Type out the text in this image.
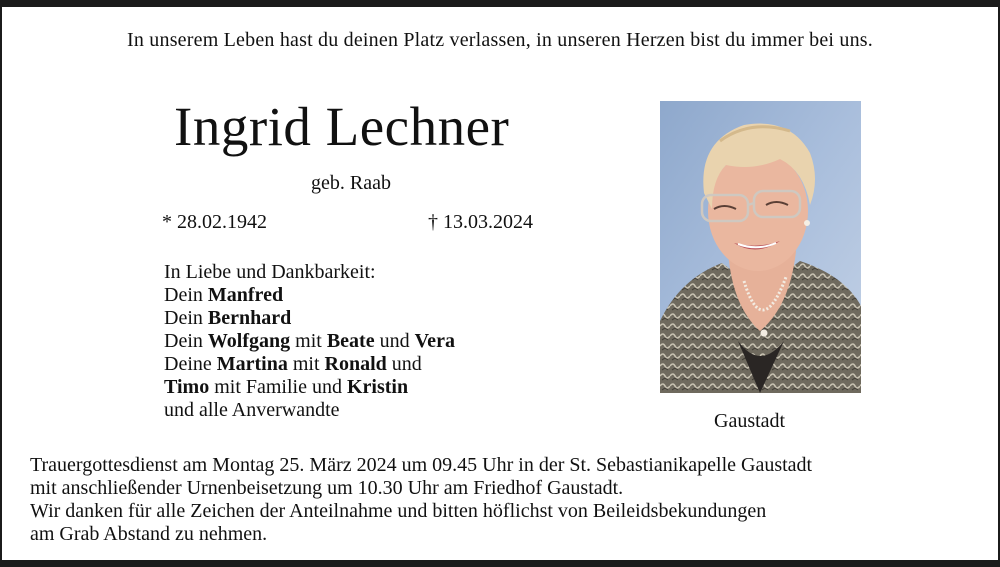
In unserem Leben hast du deinen Platz verlassen, in unseren Herzen bist du immer bei uns.
Ingrid Lechner
geb. Raab
* 28.02.1942	† 13.03.2024
In Liebe und Dankbarkeit:
Dein Manfred
Dein Bernhard
Dein Wolfgang mit Beate und Vera
Deine Martina mit Ronald und
Timo mit Familie und Kristin
und alle Anverwandte	Gaustadt
Trauergottesdienst am Montag 25. März 2024 um 09.45 Uhr in der St. Sebastianikapelle Gaustadt
mit anschließender Urnenbeisetzung um 10.30 Uhr am Friedhof Gaustadt.
Wir danken für alle Zeichen der Anteilnahme und bitten höflichst von Beileidsbekundungen
am Grab Abstand zu nehmen.
